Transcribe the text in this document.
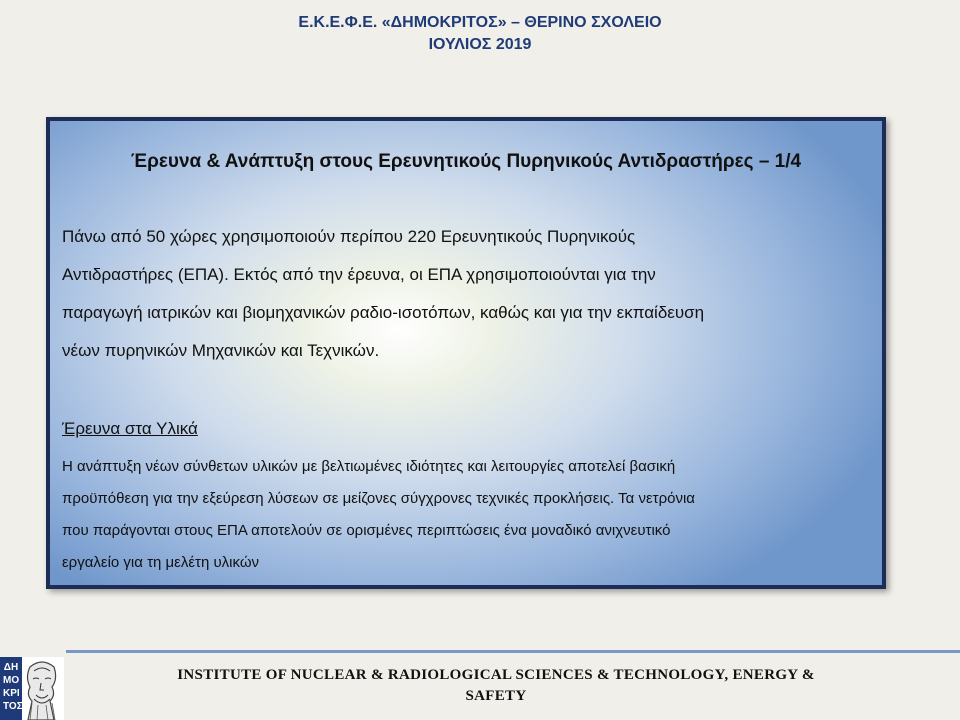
Ε.Κ.Ε.Φ.Ε. «ΔΗΜΟΚΡΙΤΟΣ» – ΘΕΡΙΝΟ ΣΧΟΛΕΙΟ
ΙΟΥΛΙΟΣ 2019
Έρευνα & Ανάπτυξη στους Ερευνητικούς Πυρηνικούς Αντιδραστήρες – 1/4
Πάνω από 50 χώρες χρησιμοποιούν περίπου 220 Ερευνητικούς Πυρηνικούς
Αντιδραστήρες (ΕΠΑ). Εκτός από την έρευνα, οι ΕΠΑ χρησιμοποιούνται για την
παραγωγή ιατρικών και βιομηχανικών ραδιο-ισοτόπων, καθώς και για την εκπαίδευση
νέων πυρηνικών Μηχανικών και Τεχνικών.
Έρευνα στα Υλικά
Η ανάπτυξη νέων σύνθετων υλικών με βελτιωμένες ιδιότητες και λειτουργίες αποτελεί βασική
προϋπόθεση για την εξεύρεση λύσεων σε μείζονες σύγχρονες τεχνικές προκλήσεις. Τα νετρόνια
που παράγονται στους ΕΠΑ αποτελούν σε ορισμένες περιπτώσεις ένα μοναδικό ανιχνευτικό
εργαλείο για τη μελέτη υλικών
ΔΗ
ΜΟ
ΚΡΙ
ΤΟΣ
INSTITUTE OF NUCLEAR & RADIOLOGICAL SCIENCES & TECHNOLOGY, ENERGY &
SAFETY
